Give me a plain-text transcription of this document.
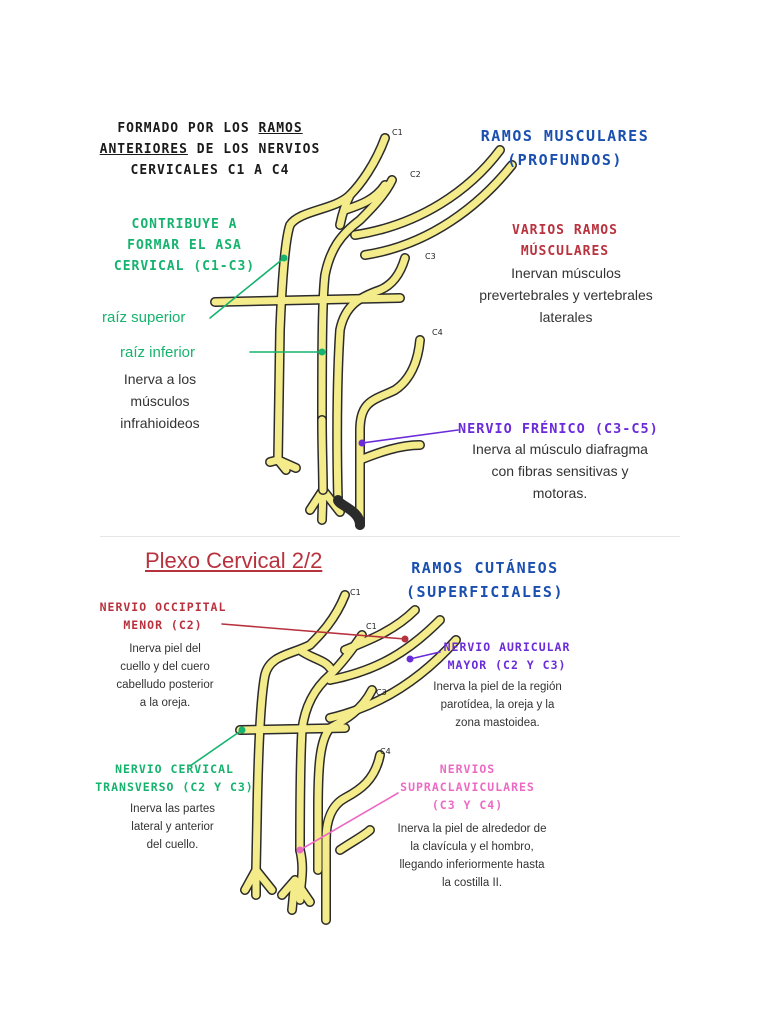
C1
C2
C3
C4
FORMADO POR LOS RAMOS
ANTERIORES DE LOS NERVIOS
CERVICALES C1 A C4
RAMOS MUSCULARES
(PROFUNDOS)
VARIOS RAMOS
MÚSCULARES
Inervan músculos
prevertebrales y vertebrales
laterales
CONTRIBUYE A
FORMAR EL ASA
CERVICAL (C1-C3)
raíz superior
raíz inferior
Inerva a los
músculos
infrahioideos	NERVIO FRÉNICO (C3-C5)
Inerva al músculo diafragma
con fibras sensitivas y
motoras.
C1
C1
C3
C4
Plexo Cervical 2/2	RAMOS CUTÁNEOS
(SUPERFICIALES)
NERVIO OCCIPITAL
MENOR (C2)
Inerva piel del
cuello y del cuero
cabelludo posterior
a la oreja.
NERVIO AURICULAR
MAYOR (C2 Y C3)
Inerva la piel de la región
parotídea, la oreja y la
zona mastoidea.
NERVIO CERVICAL
TRANSVERSO (C2 Y C3)
Inerva las partes
lateral y anterior
del cuello.
NERVIOS
SUPRACLAVICULARES
(C3 Y C4)
Inerva la piel de alrededor de
la clavícula y el hombro,
llegando inferiormente hasta
la costilla II.
